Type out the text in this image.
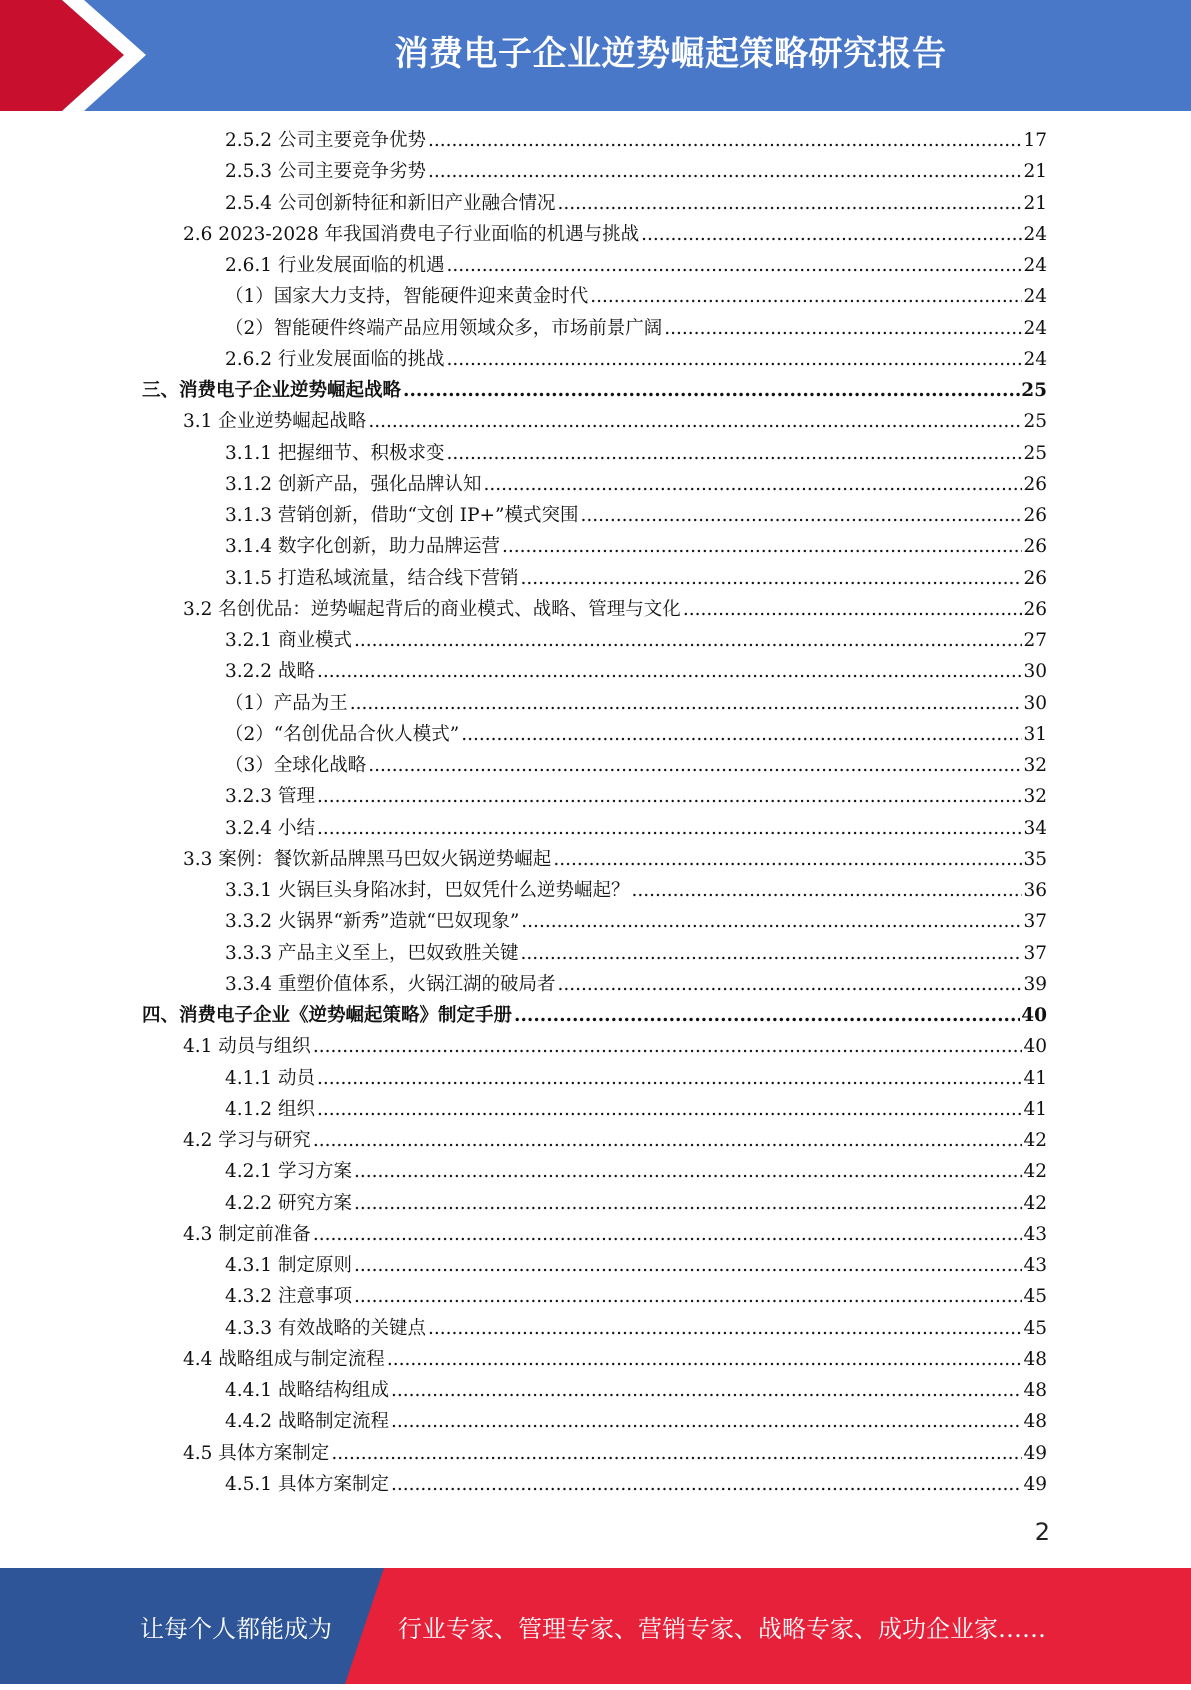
消费电子企业逆势崛起策略研究报告
2.5.2 公司主要竞争优势 .....	17
2.5.3 公司主要竞争劣势 .....	21
2.5.4 公司创新特征和新旧产业融合情况 .....	21
2.6 2023-2028 年我国消费电子行业面临的机遇与挑战 .....	24
2.6.1 行业发展面临的机遇 .....	24
（1）国家大力支持，智能硬件迎来黄金时代 .....	24
（2）智能硬件终端产品应用领域众多，市场前景广阔 .....	24
2.6.2 行业发展面临的挑战 .....	24
三、消费电子企业逆势崛起战略 .....	25
3.1 企业逆势崛起战略 .....	25
3.1.1 把握细节、积极求变 .....	25
3.1.2 创新产品，强化品牌认知 .....	26
3.1.3 营销创新，借助“文创 IP+”模式突围 .....	26
3.1.4 数字化创新，助力品牌运营 .....	26
3.1.5 打造私域流量，结合线下营销 .....	26
3.2 名创优品：逆势崛起背后的商业模式、战略、管理与文化 .....	26
3.2.1 商业模式 .....	27
3.2.2 战略 .....	30
（1）产品为王 .....	30
（2）“名创优品合伙人模式” .....	31
（3）全球化战略 .....	32
3.2.3 管理 .....	32
3.2.4 小结 .....	34
3.3 案例：餐饮新品牌黑马巴奴火锅逆势崛起 .....	35
3.3.1 火锅巨头身陷冰封，巴奴凭什么逆势崛起？ .....	36
3.3.2 火锅界“新秀”造就“巴奴现象” .....	37
3.3.3 产品主义至上，巴奴致胜关键 .....	37
3.3.4 重塑价值体系，火锅江湖的破局者 .....	39
四、消费电子企业《逆势崛起策略》制定手册 .....	40
4.1 动员与组织 .....	40
4.1.1 动员 .....	41
4.1.2 组织 .....	41
4.2 学习与研究 .....	42
4.2.1 学习方案 .....	42
4.2.2 研究方案 .....	42
4.3 制定前准备 .....	43
4.3.1 制定原则 .....	43
4.3.2 注意事项 .....	45
4.3.3 有效战略的关键点 .....	45
4.4 战略组成与制定流程 .....	48
4.4.1 战略结构组成 .....	48
4.4.2 战略制定流程 .....	48
4.5 具体方案制定 .....	49
4.5.1 具体方案制定 .....	49
2
让每个人都能成为	行业专家、管理专家、营销专家、战略专家、成功企业家……
